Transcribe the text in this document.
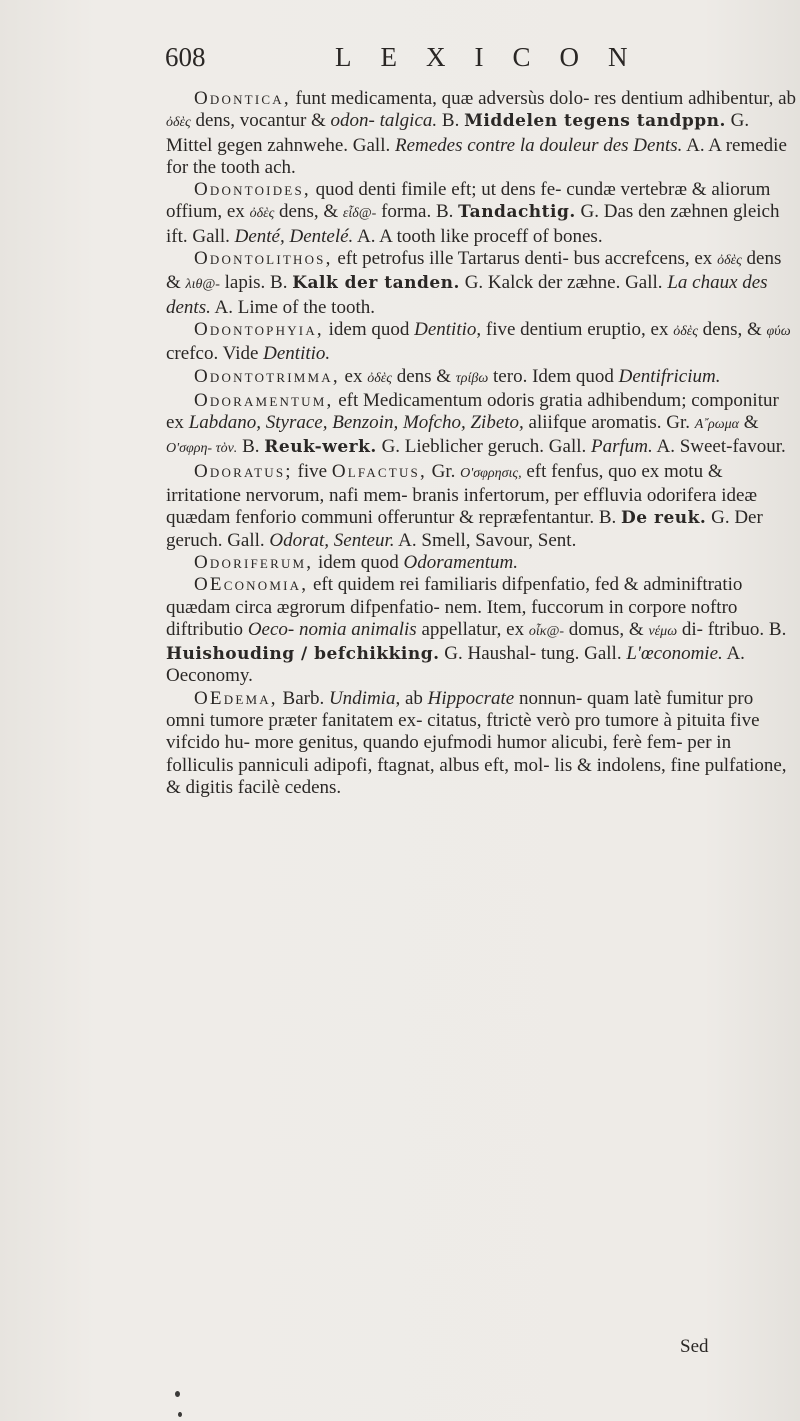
608	LEXICON

Odontica, funt medicamenta, quæ adversùs dolo- res dentium adhibentur, ab ὀδὲς dens, vocantur & odon- talgica. B. Middelen tegens tandppn. G. Mittel gegen zahnwehe. Gall. Remedes contre la douleur des Dents. A. A remedie for the tooth ach.

Odontoides, quod denti fimile eft; ut dens fe- cundæ vertebræ & aliorum offium, ex ὀδὲς dens, & εἶδ@- forma. B. Tandachtig. G. Das den zæhnen gleich ift. Gall. Denté, Dentelé. A. A tooth like proceff of bones.

Odontolithos, eft petrofus ille Tartarus denti- bus accrefcens, ex ὀδὲς dens & λιθ@- lapis. B. Kalk der tanden. G. Kalck der zæhne. Gall. La chaux des dents. A. Lime of the tooth.

Odontophyia, idem quod Dentitio, five dentium eruptio, ex ὀδὲς dens, & φύω crefco. Vide Dentitio.

Odontotrimma, ex ὀδὲς dens & τρίβω tero. Idem quod Dentifricium.

Odoramentum, eft Medicamentum odoris gratia adhibendum; componitur ex Labdano, Styrace, Benzoin, Mofcho, Zibeto, aliifque aromatis. Gr. Α῎ρωμα & Ο'σφρη- τὸν. B. Reuk-werk. G. Lieblicher geruch. Gall. Parfum. A. Sweet-favour.

Odoratus; five Olfactus, Gr. Ο'σφρησις, eft fenfus, quo ex motu & irritatione nervorum, nafi mem- branis infertorum, per effluvia odorifera ideæ quædam fenforio communi offeruntur & repræfentantur. B. De reuk. G. Der geruch. Gall. Odorat, Senteur. A. Smell, Savour, Sent.

Odoriferum, idem quod Odoramentum.

OEconomia, eft quidem rei familiaris difpenfatio, fed & adminiftratio quædam circa ægrorum difpenfatio- nem. Item, fuccorum in corpore noftro diftributio Oeco- nomia animalis appellatur, ex οἶκ@- domus, & νέμω di- ftribuo. B. Huishouding / befchikking. G. Haushal- tung. Gall. L'œconomie. A. Oeconomy.

OEdema, Barb. Undimia, ab Hippocrate nonnun- quam latè fumitur pro omni tumore præter fanitatem ex- citatus, ftrictè verò pro tumore à pituita five vifcido hu- more genitus, quando ejufmodi humor alicubi, ferè fem- per in folliculis panniculi adipofi, ftagnat, albus eft, mol- lis & indolens, fine pulfatione, & digitis facilè cedens.

Sed
